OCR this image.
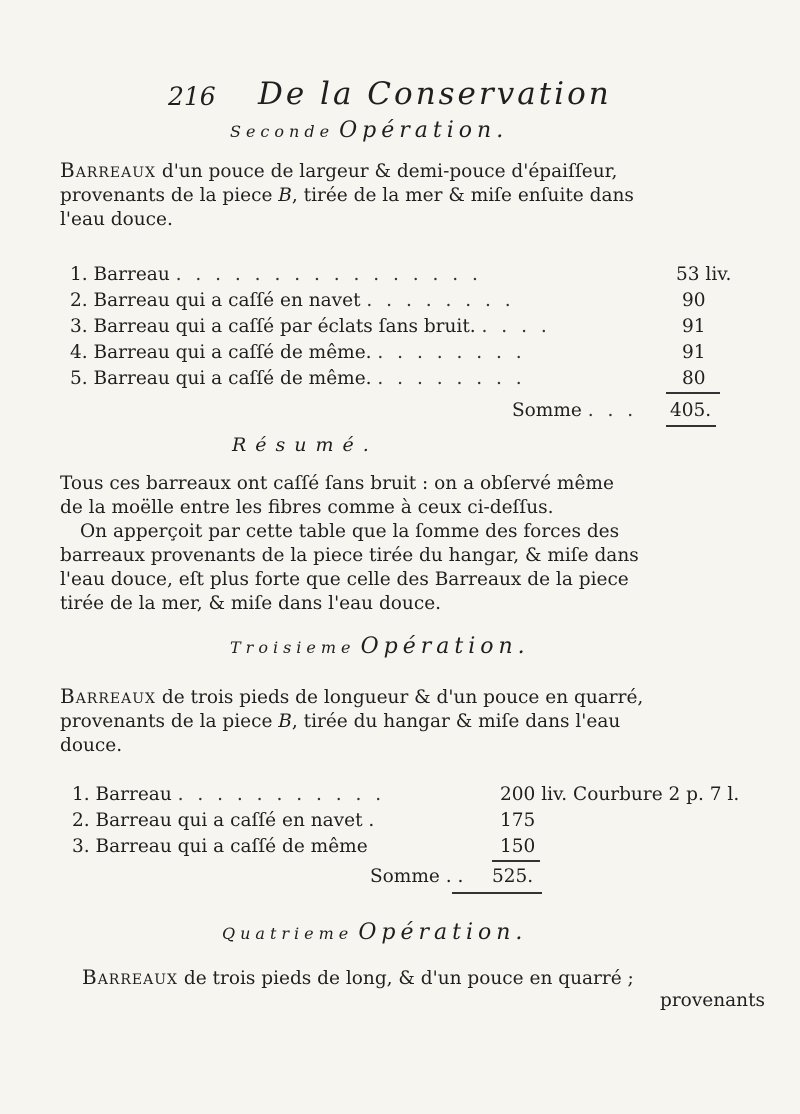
216 De la Conservation
Seconde Opération.

Barreaux d'un pouce de largeur & demi-pouce d'épaiſſeur,
provenants de la piece B, tirée de la mer & miſe enſuite dans
l'eau douce.

1. Barreau . . . . . . . . . . . . . . . .	53 liv.
2. Barreau qui a caſſé en navet . . . . . . . .	90
3. Barreau qui a caſſé par éclats ſans bruit. . . . .	91
4. Barreau qui a caſſé de même. . . . . . . . .	91
5. Barreau qui a caſſé de même. . . . . . . . .	80
Somme . . . 405.
Résumé.

Tous ces barreaux ont caſſé ſans bruit : on a obſervé même
de la moëlle entre les fibres comme à ceux ci-deſſus.
On apperçoit par cette table que la ſomme des forces des
barreaux provenants de la piece tirée du hangar, & miſe dans
l'eau douce, eſt plus forte que celle des Barreaux de la piece
tirée de la mer, & miſe dans l'eau douce.

Troisieme Opération.

Barreaux de trois pieds de longueur & d'un pouce en quarré,
provenants de la piece B, tirée du hangar & miſe dans l'eau
douce.

1. Barreau . . . . . . . . . . .	200 liv. Courbure 2 p. 7 l.
2. Barreau qui a caſſé en navet .	175
3. Barreau qui a caſſé de même	150
Somme . . 525.
Quatrieme Opération.
Barreaux de trois pieds de long, & d'un pouce en quarré ;
provenants
